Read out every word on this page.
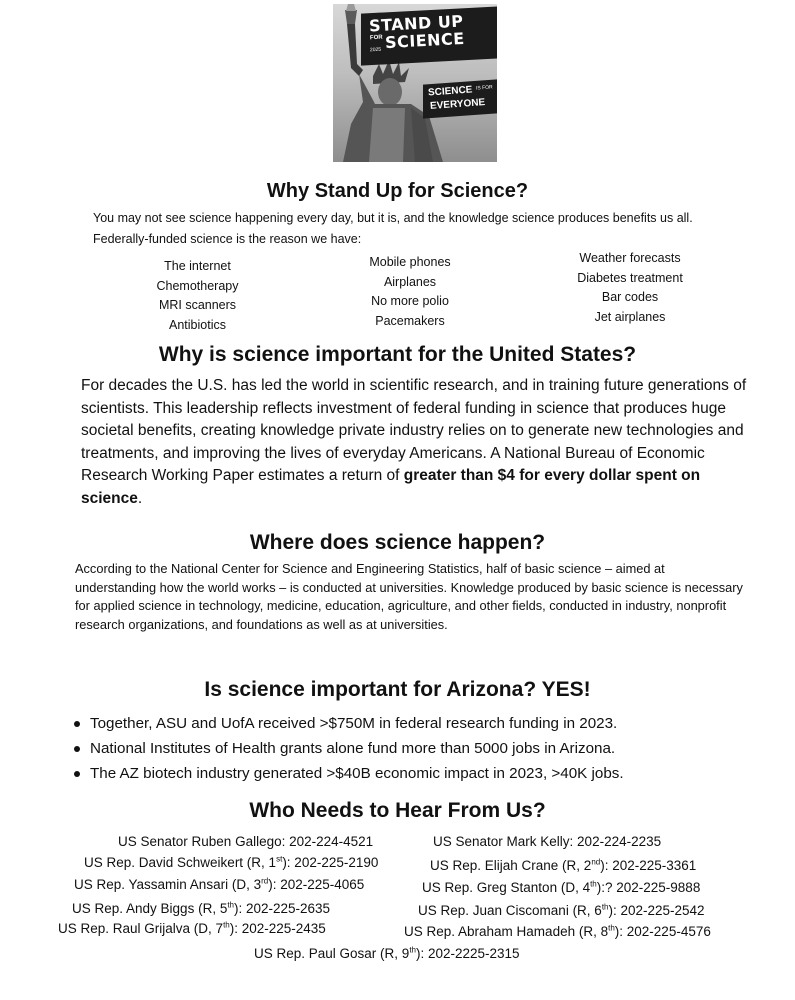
STAND UP
FOR SCIENCE
2025
SCIENCE IS FOR
EVERYONE
Why Stand Up for Science?
You may not see science happening every day, but it is, and the knowledge science produces benefits us all. Federally-funded science is the reason we have:
The internet
Chemotherapy
MRI scanners
Antibiotics
Mobile phones
Airplanes
No more polio
Pacemakers
Weather forecasts
Diabetes treatment
Bar codes
Jet airplanes
Why is science important for the United States?
For decades the U.S. has led the world in scientific research, and in training future generations of scientists. This leadership reflects investment of federal funding in science that produces huge societal benefits, creating knowledge private industry relies on to generate new technologies and treatments, and improving the lives of everyday Americans. A National Bureau of Economic Research Working Paper estimates a return of greater than $4 for every dollar spent on science.
Where does science happen?
According to the National Center for Science and Engineering Statistics, half of basic science – aimed at understanding how the world works – is conducted at universities. Knowledge produced by basic science is necessary for applied science in technology, medicine, education, agriculture, and other fields, conducted in industry, nonprofit research organizations, and foundations as well as at universities.
Is science important for Arizona? YES!
Together, ASU and UofA received >$750M in federal research funding in 2023.
National Institutes of Health grants alone fund more than 5000 jobs in Arizona.
The AZ biotech industry generated >$40B economic impact in 2023, >40K jobs.
Who Needs to Hear From Us?
US Senator Ruben Gallego: 202-224-4521	US Senator Mark Kelly: 202-224-2235
US Rep. David Schweikert (R, 1st): 202-225-2190	US Rep. Elijah Crane (R, 2nd): 202-225-3361
US Rep. Yassamin Ansari (D, 3rd): 202-225-4065	US Rep. Greg Stanton (D, 4th):? 202-225-9888
US Rep. Andy Biggs (R, 5th): 202-225-2635	US Rep. Juan Ciscomani (R, 6th): 202-225-2542
US Rep. Raul Grijalva (D, 7th): 202-225-2435	US Rep. Abraham Hamadeh (R, 8th): 202-225-4576
US Rep. Paul Gosar (R, 9th): 202-2225-2315
